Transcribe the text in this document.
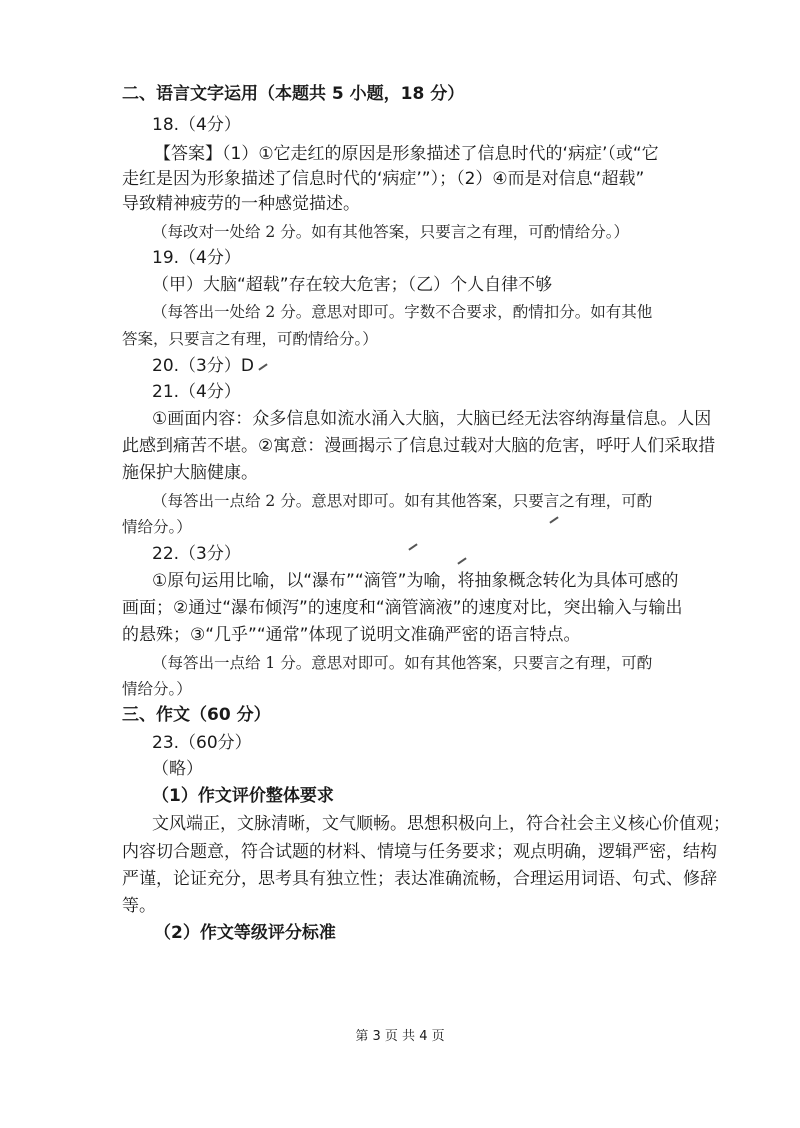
二、语言文字运用（本题共 5 小题，18 分）
18.（4分）
【答案】（1）①它走红的原因是形象描述了信息时代的‘病症’（或“它
走红是因为形象描述了信息时代的‘病症’”）；（2）④而是对信息“超载”
导致精神疲劳的一种感觉描述。
（每改对一处给 2 分。如有其他答案，只要言之有理，可酌情给分。）
19.（4分）
（甲）大脑“超载”存在较大危害；（乙）个人自律不够
（每答出一处给 2 分。意思对即可。字数不合要求，酌情扣分。如有其他
答案，只要言之有理，可酌情给分。）
20.（3分）D
21.（4分）
①画面内容：众多信息如流水涌入大脑，大脑已经无法容纳海量信息。人因
此感到痛苦不堪。②寓意：漫画揭示了信息过载对大脑的危害，呼吁人们采取措
施保护大脑健康。
（每答出一点给 2 分。意思对即可。如有其他答案，只要言之有理，可酌
情给分。）
22.（3分）
①原句运用比喻，以“瀑布”“滴管”为喻，将抽象概念转化为具体可感的
画面；②通过“瀑布倾泻”的速度和“滴管滴液”的速度对比，突出输入与输出
的悬殊；③“几乎”“通常”体现了说明文准确严密的语言特点。
（每答出一点给 1 分。意思对即可。如有其他答案，只要言之有理，可酌
情给分。）
三、作文（60 分）
23.（60分）
（略）
（1）作文评价整体要求
文风端正，文脉清晰，文气顺畅。思想积极向上，符合社会主义核心价值观；
内容切合题意，符合试题的材料、情境与任务要求；观点明确，逻辑严密，结构
严谨，论证充分，思考具有独立性；表达准确流畅，合理运用词语、句式、修辞
等。
（2）作文等级评分标准
第 3 页 共 4 页
